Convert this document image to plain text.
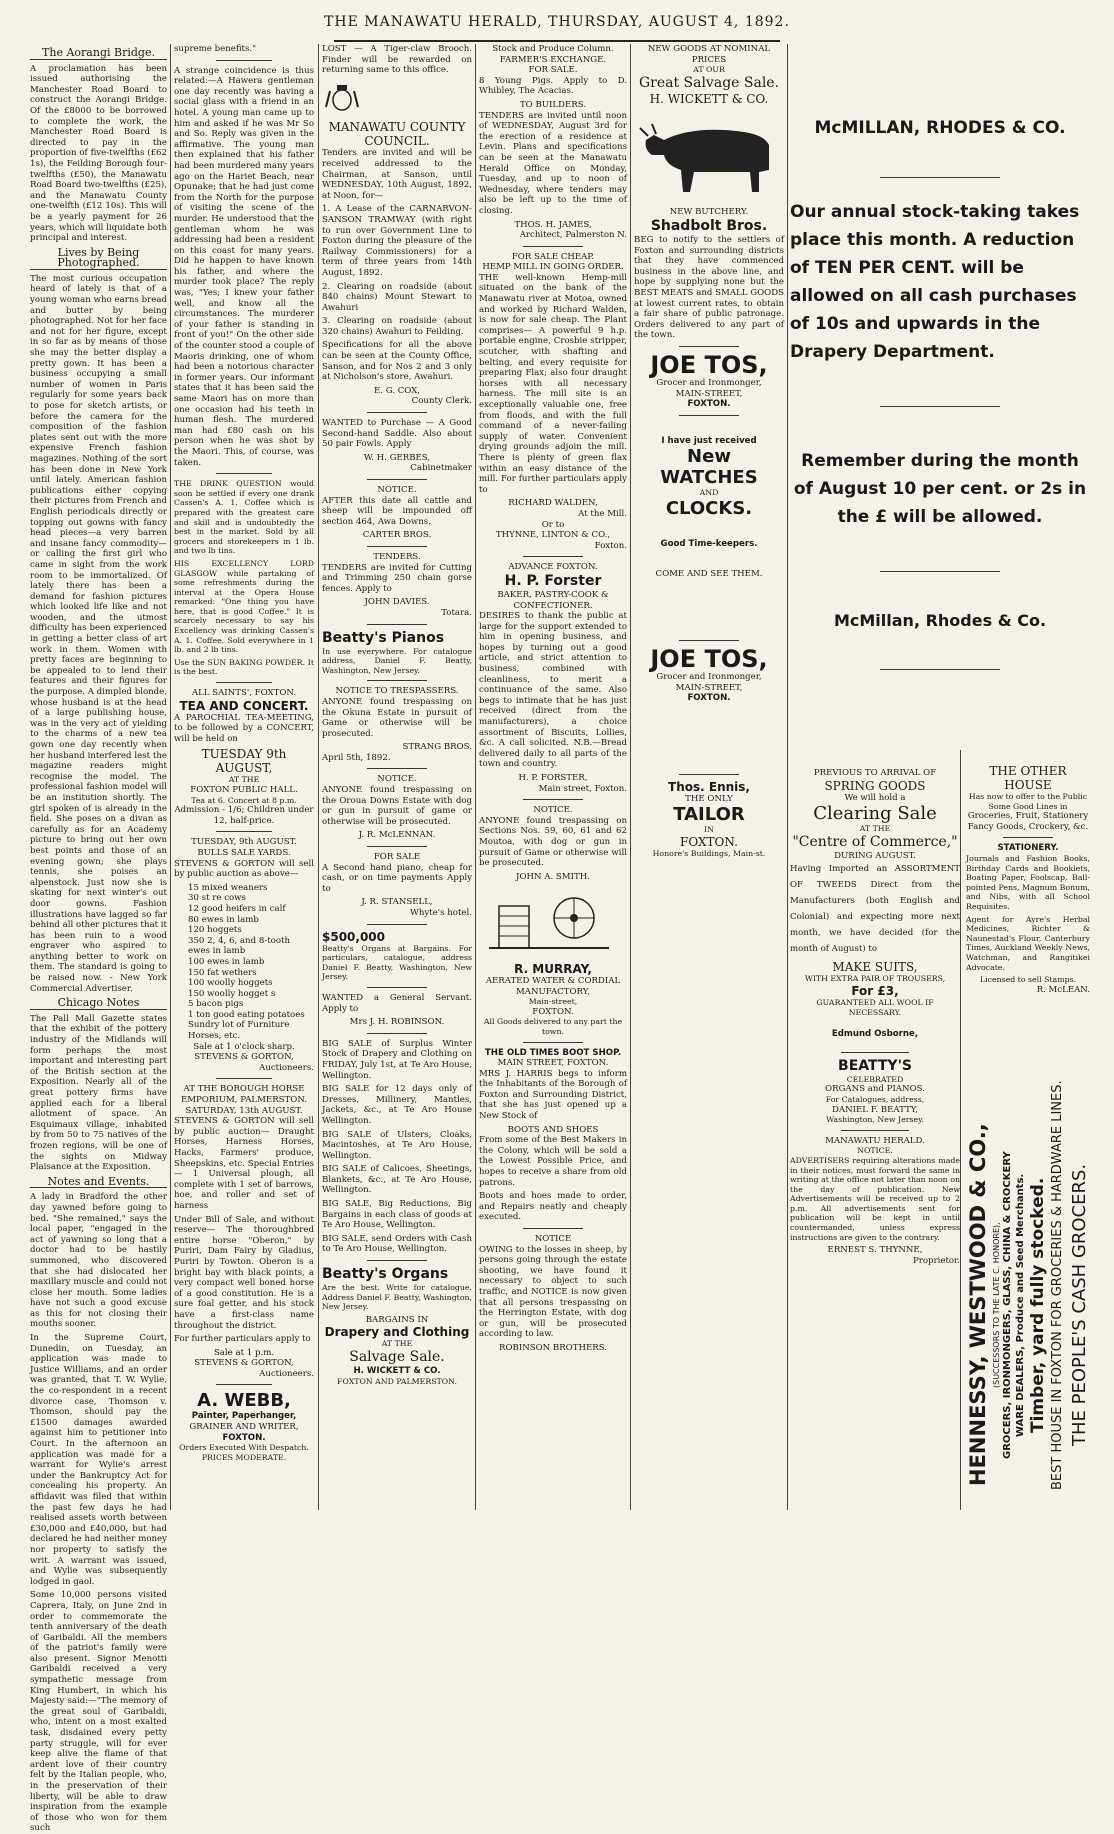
THE MANAWATU HERALD, THURSDAY, AUGUST 4, 1892.
The Aorangi Bridge.

A proclamation has been issued authorising the Manchester Road Board to construct the Aorangi Bridge. Of the £8000 to be borrowed to complete the work, the Manchester Road Board is directed to pay in the proportion of five-twelfths (£62 1s), the Feilding Borough four-twelfths (£50), the Manawatu Road Board two-twelfths (£25), and the Manawatu County one-twelfth (£12 10s). This will be a yearly payment for 26 years, which will liquidate both principal and interest.

Lives by Being Photographed.

The most curious occupation heard of lately is that of a young woman who earns bread and butter by being photographed. Not for her face and not for her figure, except in so far as by means of those she may the better display a pretty gown. It has been a business occupying a small number of women in Paris regularly for some years back to pose for sketch artists, or before the camera for the composition of the fashion plates sent out with the more expensive French fashion magazines. Nothing of the sort has been done in New York until lately. American fashion publications either copying their pictures from French and English periodicals directly or topping out gowns with fancy head pieces—a very barren and insane fancy commodity—or calling the first girl who came in sight from the work room to be immortalized. Of lately there has been a demand for fashion pictures which looked life like and not wooden, and the utmost difficulty has been experienced in getting a better class of art work in them. Women with pretty faces are beginning to be appealed to to lend their features and their figures for the purpose. A dimpled blonde, whose husband is at the head of a large publishing house, was in the very act of yielding to the charms of a new tea gown one day recently when her husband interfered lest the magazine readers might recognise the model. The professional fashion model will be an institution shortly. The girl spoken of is already in the field. She poses on a divan as carefully as for an Academy picture to bring out her own best points and those of an evening gown; she plays tennis, she poises an alpenstock. Just now she is skating for next winter's out door gowns. Fashion illustrations have lagged so far behind all other pictures that it has been ruin to a wood engraver who aspired to anything better to work on them. The standard is going to be raised now. - New York Commercial Advertiser.

Chicago Notes

The Pall Mall Gazette states that the exhibit of the pottery industry of the Midlands will form perhaps the most important and interesting part of the British section at the Exposition. Nearly all of the great pottery firms have applied each for a liberal allotment of space. An Esquimaux village, inhabited by from 50 to 75 natives of the frozen regions, will be one of the sights on Midway Plaisance at the Exposition.

Notes and Events.

A lady in Bradford the other day yawned before going to bed. "She remained," says the local paper, "engaged in the act of yawning so long that a doctor had to be hastily summoned, who discovered that she had dislocated her maxillary muscle and could not close her mouth. Some ladies have not such a good excuse as this for not closing their mouths sooner.

In the Supreme Court, Dunedin, on Tuesday, an application was made to Justice Williams, and an order was granted, that T. W. Wylie, the co-respondent in a recent divorce case, Thomson v. Thomson, should pay the £1500 damages awarded against him to petitioner into Court. In the afternoon an application was made for a warrant for Wylie's arrest under the Bankruptcy Act for concealing his property. An affidavit was filed that within the past few days he had realised assets worth between £30,000 and £40,000, but had declared he had neither money nor property to satisfy the writ. A warrant was issued, and Wylie was subsequently lodged in gaol.

Some 10,000 persons visited Caprera, Italy, on June 2nd in order to commemorate the tenth anniversary of the death of Garibaldi. All the members of the patriot's family were also present. Signor Menotti Garibaldi received a very sympathetic message from King Humbert, in which his Majesty said:—"The memory of the great soul of Garibaldi, who, intent on a most exalted task, disdained every petty party struggle, will for ever keep alive the flame of that ardent love of their country felt by the Italian people, who, in the preservation of their liberty, will be able to draw inspiration from the example of those who won for them such

supreme benefits."

A strange coincidence is thus related:—A Hawera gentleman one day recently was having a social glass with a friend in an hotel. A young man came up to him and asked if he was Mr So and So. Reply was given in the affirmative. The young man then explained that his father had been murdered many years ago on the Hariet Beach, near Opunake; that he had just come from the North for the purpose of visiting the scene of the murder. He understood that the gentleman whom he was addressing had been a resident on this coast for many years. Did he happen to have known his father, and where the murder took place? The reply was, "Yes; I knew your father well, and know all the circumstances. The murderer of your father is standing in front of you!" On the other side of the counter stood a couple of Maoris drinking, one of whom had been a notorious character in former years. Our informant states that it has been said the same Maori has on more than one occasion had his teeth in human flesh. The murdered man had £80 cash on his person when he was shot by the Maori. This, of course, was taken.

THE DRINK QUESTION would soon be settled if every one drank Cassen's A. 1. Coffee which is prepared with the greatest care and skill and is undoubtedly the best in the market. Sold by all grocers and storekeepers in 1 lb. and two lb tins.

HIS EXCELLENCY LORD GLASGOW while partaking of some refreshments during the interval at the Opera House remarked: "One thing you have here, that is good Coffee." It is scarcely necessary to say his Excellency was drinking Cassen's A. 1. Coffee. Sold everywhere in 1 lb. and 2 lb tins.

Use the SUN BAKING POWDER. It is the best.

ALL SAINTS', FOXTON.
TEA AND CONCERT.

A PAROCHIAL TEA-MEETING, to be followed by a CONCERT, will be held on

TUESDAY 9th AUGUST,
AT THE
FOXTON PUBLIC HALL.
Tea at 6. Concert at 8 p.m.
Admission - 1/6; Children under 12, half-price.
TUESDAY, 9th AUGUST.
BULLS SALE YARDS.

STEVENS & GORTON will sell by public auction as above—

15 mixed weaners
30 st re cows
12 good heifers in calf
80 ewes in lamb
120 hoggets
350 2, 4, 6, and 8-tooth ewes in lamb
100 ewes in lamb
150 fat wethers
100 woolly hoggets
150 woolly hogget s
5 bacon pigs
1 ton good eating potatoes
Sundry lot of Furniture Horses, etc.
Sale at 1 o'clock sharp.
STEVENS & GORTON,
Auctioneers.
AT THE BOROUGH HORSE EMPORIUM, PALMERSTON.
SATURDAY, 13th AUGUST.

STEVENS & GORTON will sell by public auction— Draught Horses, Harness Horses, Hacks, Farmers' produce, Sheepskins, etc. Special Entries— 1 Universal plough, all complete with 1 set of barrows, hoe, and roller and set of harness

Under Bill of Sale, and without reserve— The thoroughbred entire horse "Oberon," by Puriri, Dam Fairy by Gladius, Puriri by Towton. Oberon is a bright bay with black points, a very compact well boned horse of a good constitution. He is a sure foal getter, and his stock have a first-class name throughout the district.

For further particulars apply to

Sale at 1 p.m.
STEVENS & GORTON,
Auctioneers.
A. WEBB,
Painter, Paperhanger,
GRAINER AND WRITER,
FOXTON.
Orders Executed With Despatch.
PRICES MODERATE.

LOST — A Tiger-claw Brooch. Finder will be rewarded on returning same to this office.

MANAWATU COUNTY COUNCIL.

Tenders are invited and will be received addressed to the Chairman, at Sanson, until WEDNESDAY, 10th August, 1892, at Noon, for—

1. A Lease of the CARNARVON-SANSON TRAMWAY (with right to run over Government Line to Foxton during the pleasure of the Railway Commissioners) for a term of three years from 14th August, 1892.

2. Clearing on roadside (about 840 chains) Mount Stewart to Awahuri

3. Clearing on roadside (about 320 chains) Awahuri to Feilding.

Specifications for all the above can be seen at the County Office, Sanson, and for Nos 2 and 3 only at Nicholson's store, Awahuri.

E. G. COX,
County Clerk.

WANTED to Purchase — A Good Second-hand Saddle. Also about 50 pair Fowls. Apply

W. H. GERBES,
Cabinetmaker
NOTICE.

AFTER this date all cattle and sheep will be impounded off section 464, Awa Downs.

CARTER BROS.
TENDERS.

TENDERS are invited for Cutting and Trimming 250 chain gorse fences. Apply to

JOHN DAVIES.
Totara.
Beatty's Pianos

In use everywhere. For catalogue address, Daniel F. Beatty, Washington, New Jersey.

NOTICE TO TRESPASSERS.

ANYONE found trespassing on the Okuna Estate in pursuit of Game or otherwise will be prosecuted.

STRANG BROS.
April 5th, 1892.
NOTICE.

ANYONE found trespassing on the Oroua Downs Estate with dog or gun in pursuit of game or otherwise will be prosecuted.

J. R. McLENNAN.
FOR SALE

A Second hand piano, cheap for cash, or on time payments Apply to

J. R. STANSELL,
Whyte's hotel.
$500,000

Beatty's Organs at Bargains. For particulars, catalogue, address Daniel F. Beatty, Washington, New Jersey.

WANTED a General Servant. Apply to

Mrs J. H. ROBINSON.

BIG SALE of Surplus Winter Stock of Drapery and Clothing on FRIDAY, July 1st, at Te Aro House, Wellington.

BIG SALE for 12 days only of Dresses, Millinery, Mantles, Jackets, &c., at Te Aro House Wellington.

BIG SALE of Ulsters, Cloaks, Macintoshes, at Te Aro House, Wellington.

BIG SALE of Calicoes, Sheetings, Blankets, &c., at Te Aro House, Wellington.

BIG SALE, Big Reductions, Big Bargains in each class of goods at Te Aro House, Wellington.

BIG SALE, send Orders with Cash to Te Aro House, Wellington.

Beatty's Organs

Are the best. Write for catalogue. Address Daniel F. Beatty, Washington, New Jersey.

BARGAINS IN
Drapery and Clothing
AT THE
Salvage Sale.
H. WICKETT & CO.
FOXTON AND PALMERSTON.
Stock and Produce Column.
FARMER'S EXCHANGE.
FOR SALE.

8 Young Pigs. Apply to D. Whibley, The Acacias.

TO BUILDERS.

TENDERS are invited until noon of WEDNESDAY, August 3rd for the erection of a residence at Levin. Plans and specifications can be seen at the Manawatu Herald Office on Monday, Tuesday, and up to noon of Wednesday, where tenders may also be left up to the time of closing.

THOS. H. JAMES,
Architect, Palmerston N.
FOR SALE CHEAP.
HEMP MILL IN GOING ORDER.

THE well-known Hemp-mill situated on the bank of the Manawatu river at Motoa, owned and worked by Richard Walden, is now for sale cheap. The Plant comprises— A powerful 9 h.p. portable engine, Crosbie stripper, scutcher, with shafting and belting, and every requisite for preparing Flax; also four draught horses with all necessary harness. The mill site is an exceptionally valuable one, free from floods, and with the full command of a never-failing supply of water. Convenient drying grounds adjoin the mill. There is plenty of green flax within an easy distance of the mill. For further particulars apply to

RICHARD WALDEN,
At the Mill.
Or to
THYNNE, LINTON & CO.,
Foxton.
ADVANCE FOXTON.
H. P. Forster
BAKER, PASTRY-COOK & CONFECTIONER.

DESIRES to thank the public at large for the support extended to him in opening business, and hopes by turning out a good article, and strict attention to business, combined with cleanliness, to merit a continuance of the same. Also begs to intimate that he has just received (direct from the manufacturers), a choice assortment of Biscuits, Lollies, &c. A call solicited. N.B.—Bread delivered daily to all parts of the town and country.

H. P. FORSTER,
Main street, Foxton.
NOTICE.

ANYONE found trespassing on Sections Nos. 59, 60, 61 and 62 Moutoa, with dog or gun in pursuit of Game or otherwise will be prosecuted.

JOHN A. SMITH.
R. MURRAY,
AERATED WATER & CORDIAL MANUFACTORY,
Main-street,
FOXTON.
All Goods delivered to any part the town.
THE OLD TIMES BOOT SHOP.
MAIN STREET, FOXTON.

MRS J. HARRIS begs to inform the Inhabitants of the Borough of Foxton and Surrounding District, that she has just opened up a New Stock of

BOOTS AND SHOES

From some of the Best Makers in the Colony, which will be sold a the Lowest Possible Price, and hopes to receive a share from old patrons.

Boots and hoes made to order, and Repairs neatly and cheaply executed.

NOTICE

OWING to the losses in sheep, by persons going through the estate shooting, we have found it necessary to object to such traffic, and NOTICE is now given that all persons trespassing on the Herrington Estate, with dog or gun, will be prosecuted according to law.

ROBINSON BROTHERS.
NEW GOODS AT NOMINAL PRICES
AT OUR
Great Salvage Sale.
H. WICKETT & CO.
NEW BUTCHERY.
Shadbolt Bros.

BEG to notify to the settlers of Foxton and surrounding districts that they have commenced business in the above line, and hope by supplying none but the BEST MEATS and SMALL GOODS at lowest current rates, to obtain a fair share of public patronage. Orders delivered to any part of the town.

JOE TOS,
Grocer and Ironmonger,
MAIN-STREET,
FOXTON.
I have just received
New
WATCHES
AND
CLOCKS.
Good Time-keepers.
COME AND SEE THEM.
JOE TOS,
Grocer and Ironmonger,
MAIN-STREET,
FOXTON.
Thos. Ennis,
THE ONLY
TAILOR
IN
FOXTON.
Honore's Buildings, Main-st.
McMILLAN, RHODES & CO.

Our annual stock-taking takes place this month. A reduction of TEN PER CENT. will be allowed on all cash purchases of 10s and upwards in the Drapery Department.

Remember during the month of August 10 per cent. or 2s in the £ will be allowed.

McMillan, Rhodes & Co.
PREVIOUS TO ARRIVAL OF
SPRING GOODS
We will hold a
Clearing Sale
AT THE
"Centre of Commerce,"
DURING AUGUST.

Having Imported an ASSORTMENT OF TWEEDS Direct from the Manufacturers (both English and Colonial) and expecting more next month, we have decided (for the month of August) to

MAKE SUITS,
WITH EXTRA PAIR OF TROUSERS,
For £3,
GUARANTEED ALL WOOL IF NECESSARY.
Edmund Osborne,
BEATTY'S
CELEBRATED
ORGANS and PIANOS.
For Catalogues, address,
DANIEL F. BEATTY,
Washington, New Jersey.
MANAWATU HERALD.
NOTICE.

ADVERTISERS requiring alterations made in their notices, must forward the same in writing at the office not later than noon on the day of publication. New Advertisements will be received up to 2 p.m. All advertisements sent for publication will be kept in until countermanded, unless express instructions are given to the contrary.

ERNEST S. THYNNE,
Proprietor.
THE OTHER HOUSE
Has now to offer to the Public Some Good Lines in
Groceries, Fruit, Stationery Fancy Goods, Crockery, &c.
STATIONERY.

Journals and Fashion Books, Birthday Cards and Booklets, Boating Paper, Foolscap, Ball-pointed Pens, Magnum Bonum, and Nibs, with all School Requisites.

Agent for Ayre's Herbal Medicines, Richter & Naunestad's Flour, Canterbury Times, Auckland Weekly News, Watchman, and Rangitikei Advocate.

Licensed to sell Stamps.
R. McLEAN.
HENNESSY, WESTWOOD & CO., (SUCCESSORS TO THE LATE C. HONORE), GROCERS, IRONMONGERS, GLASS, CHINA & CROCKERY WARE DEALERS, Produce and Seed Merchants. Timber, yard fully stocked. BEST HOUSE IN FOXTON FOR GROCERIES & HARDWARE LINES. THE PEOPLE'S CASH GROCERS.
